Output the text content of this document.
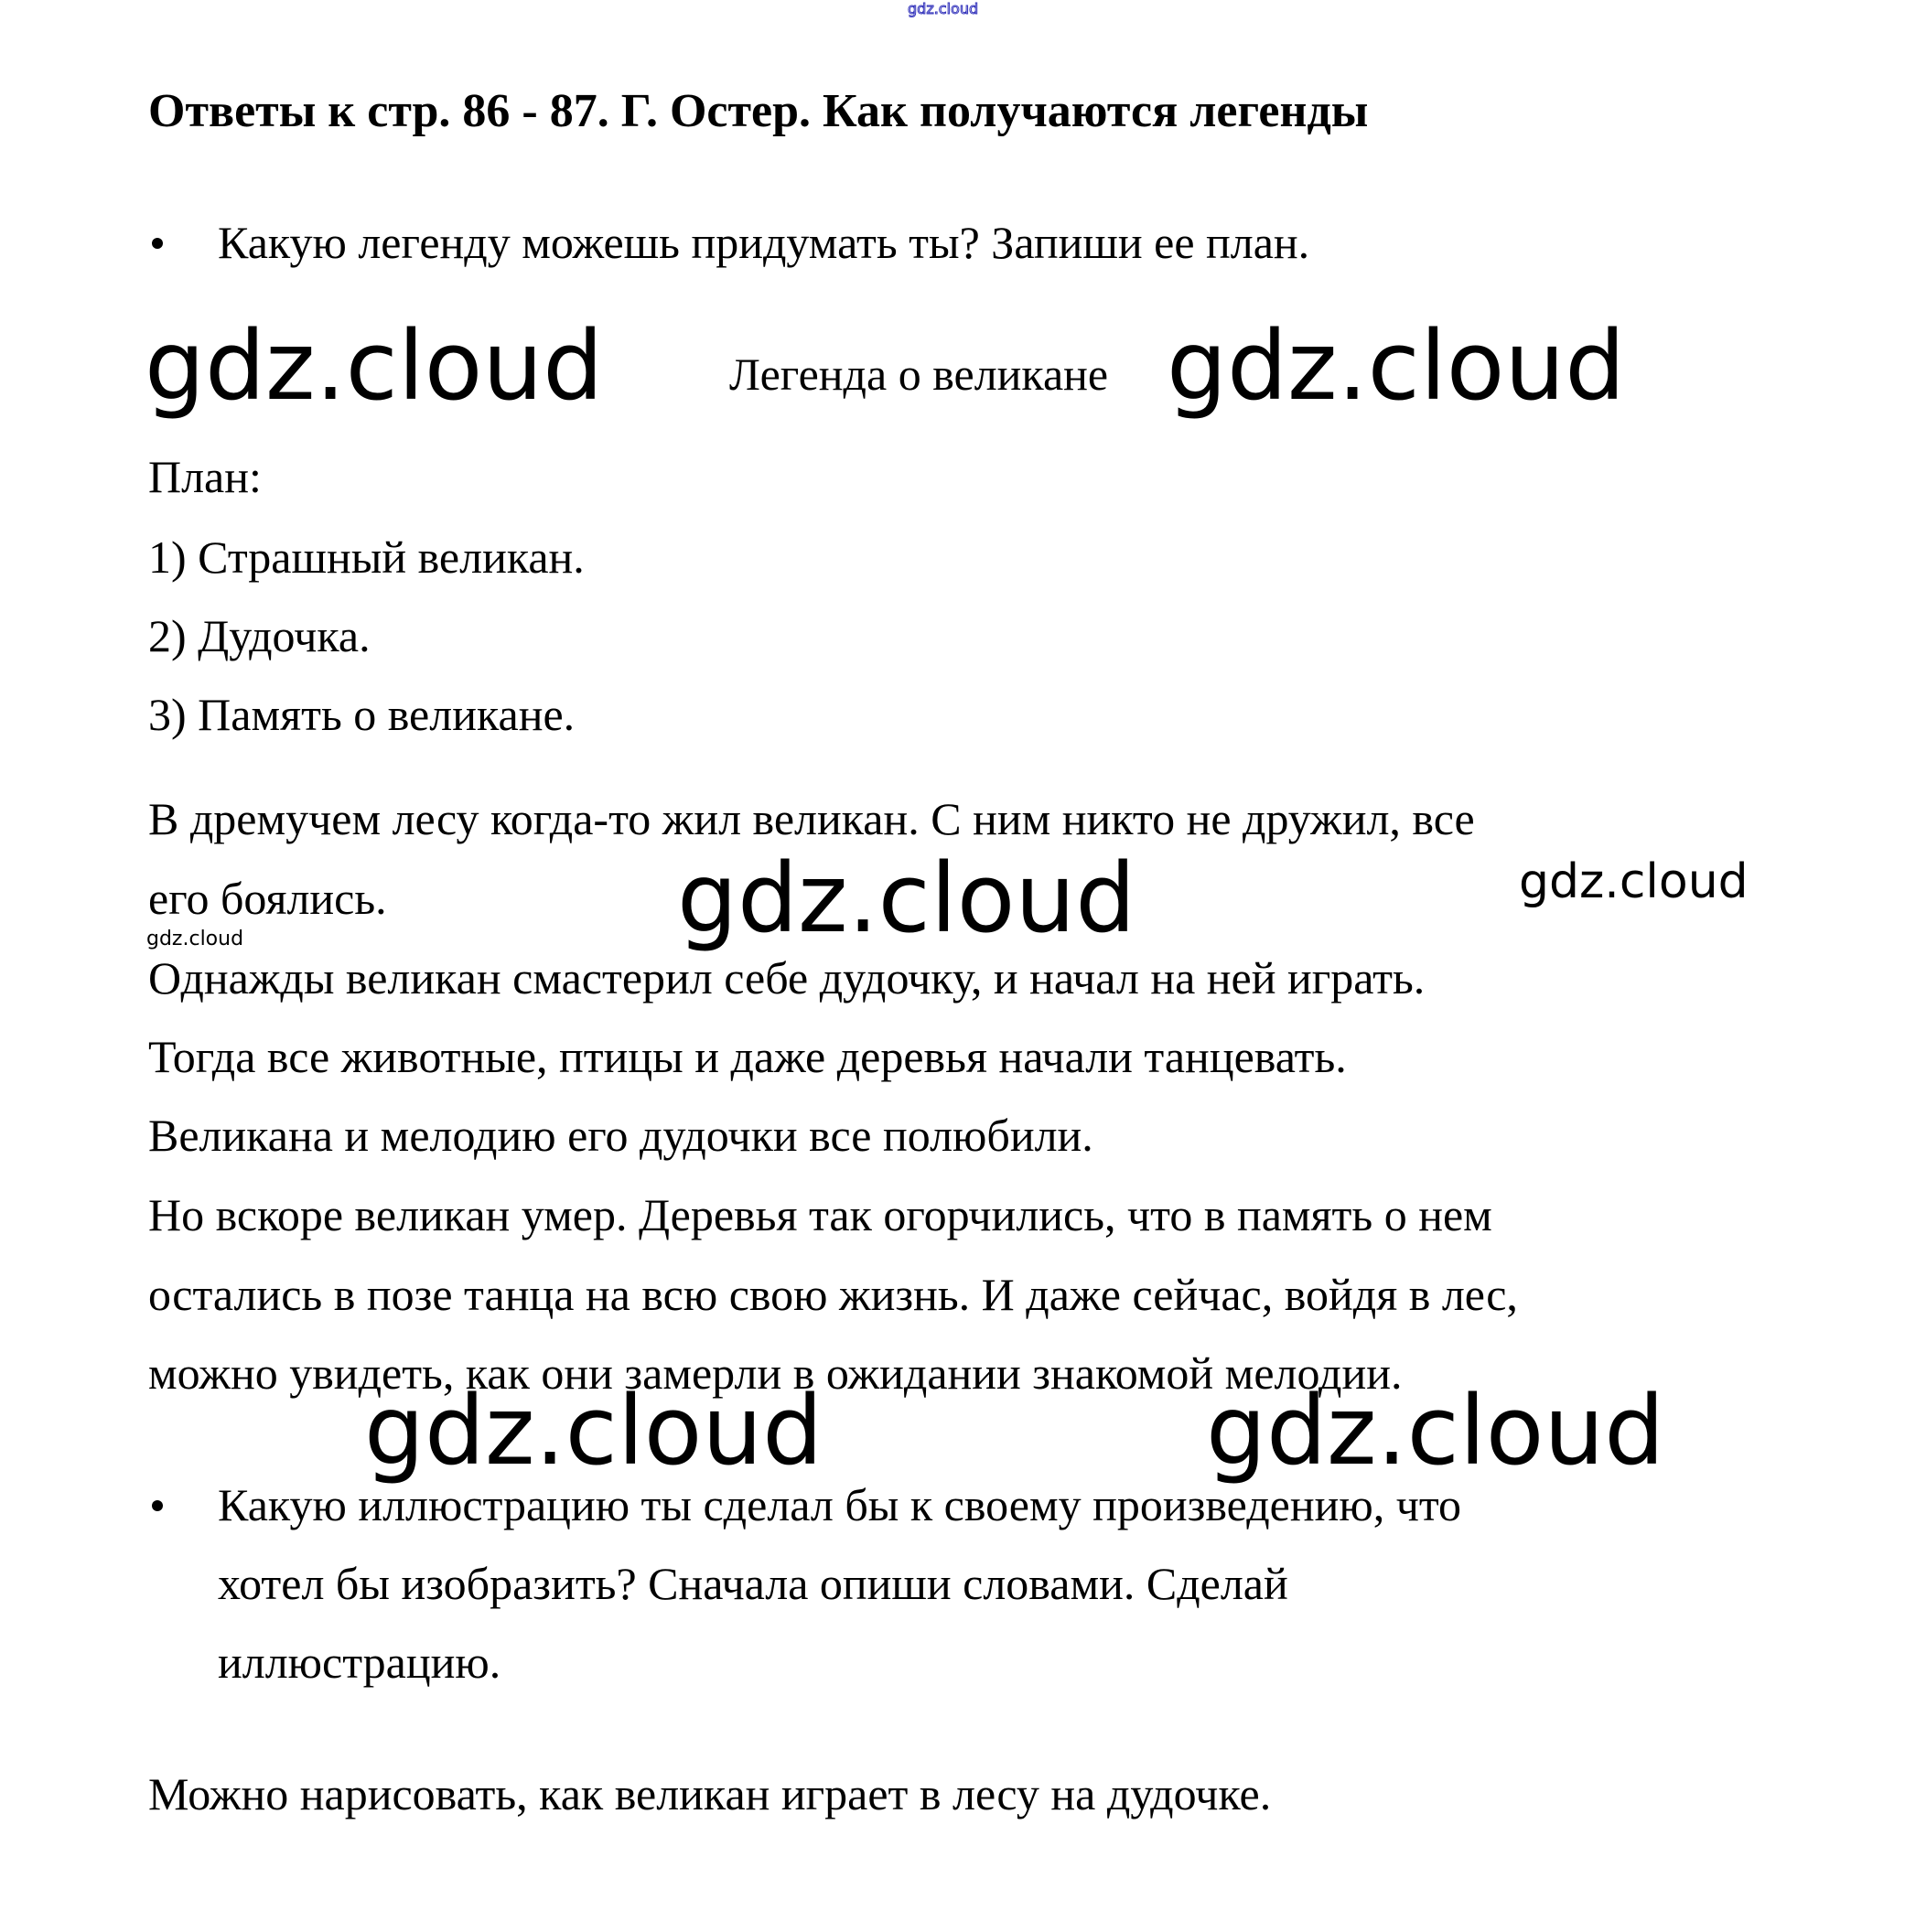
gdz.cloud
Ответы к стр. 86 - 87. Г. Остер. Как получаются легенды
Какую легенду можешь придумать ты? Запиши ее план.
gdz.cloud	Легенда о великане gdz.cloud
План:
1) Страшный великан.
2) Дудочка.
3) Память о великане.
В дремучем лесу когда-то жил великан. С ним никто не дружил, все
его боялись.	gdz.cloud	gdz.cloud
gdz.cloud
Однажды великан смастерил себе дудочку, и начал на ней играть.
Тогда все животные, птицы и даже деревья начали танцевать.
Великана и мелодию его дудочки все полюбили.
Но вскоре великан умер. Деревья так огорчились, что в память о нем
остались в позе танца на всю свою жизнь. И даже сейчас, войдя в лес,
можно увидеть, как они замерли в ожидании знакомой мелодии.
gdz.cloud	gdz.cloud
Какую иллюстрацию ты сделал бы к своему произведению, что
хотел бы изобразить? Сначала опиши словами. Сделай
иллюстрацию.
Можно нарисовать, как великан играет в лесу на дудочке.
